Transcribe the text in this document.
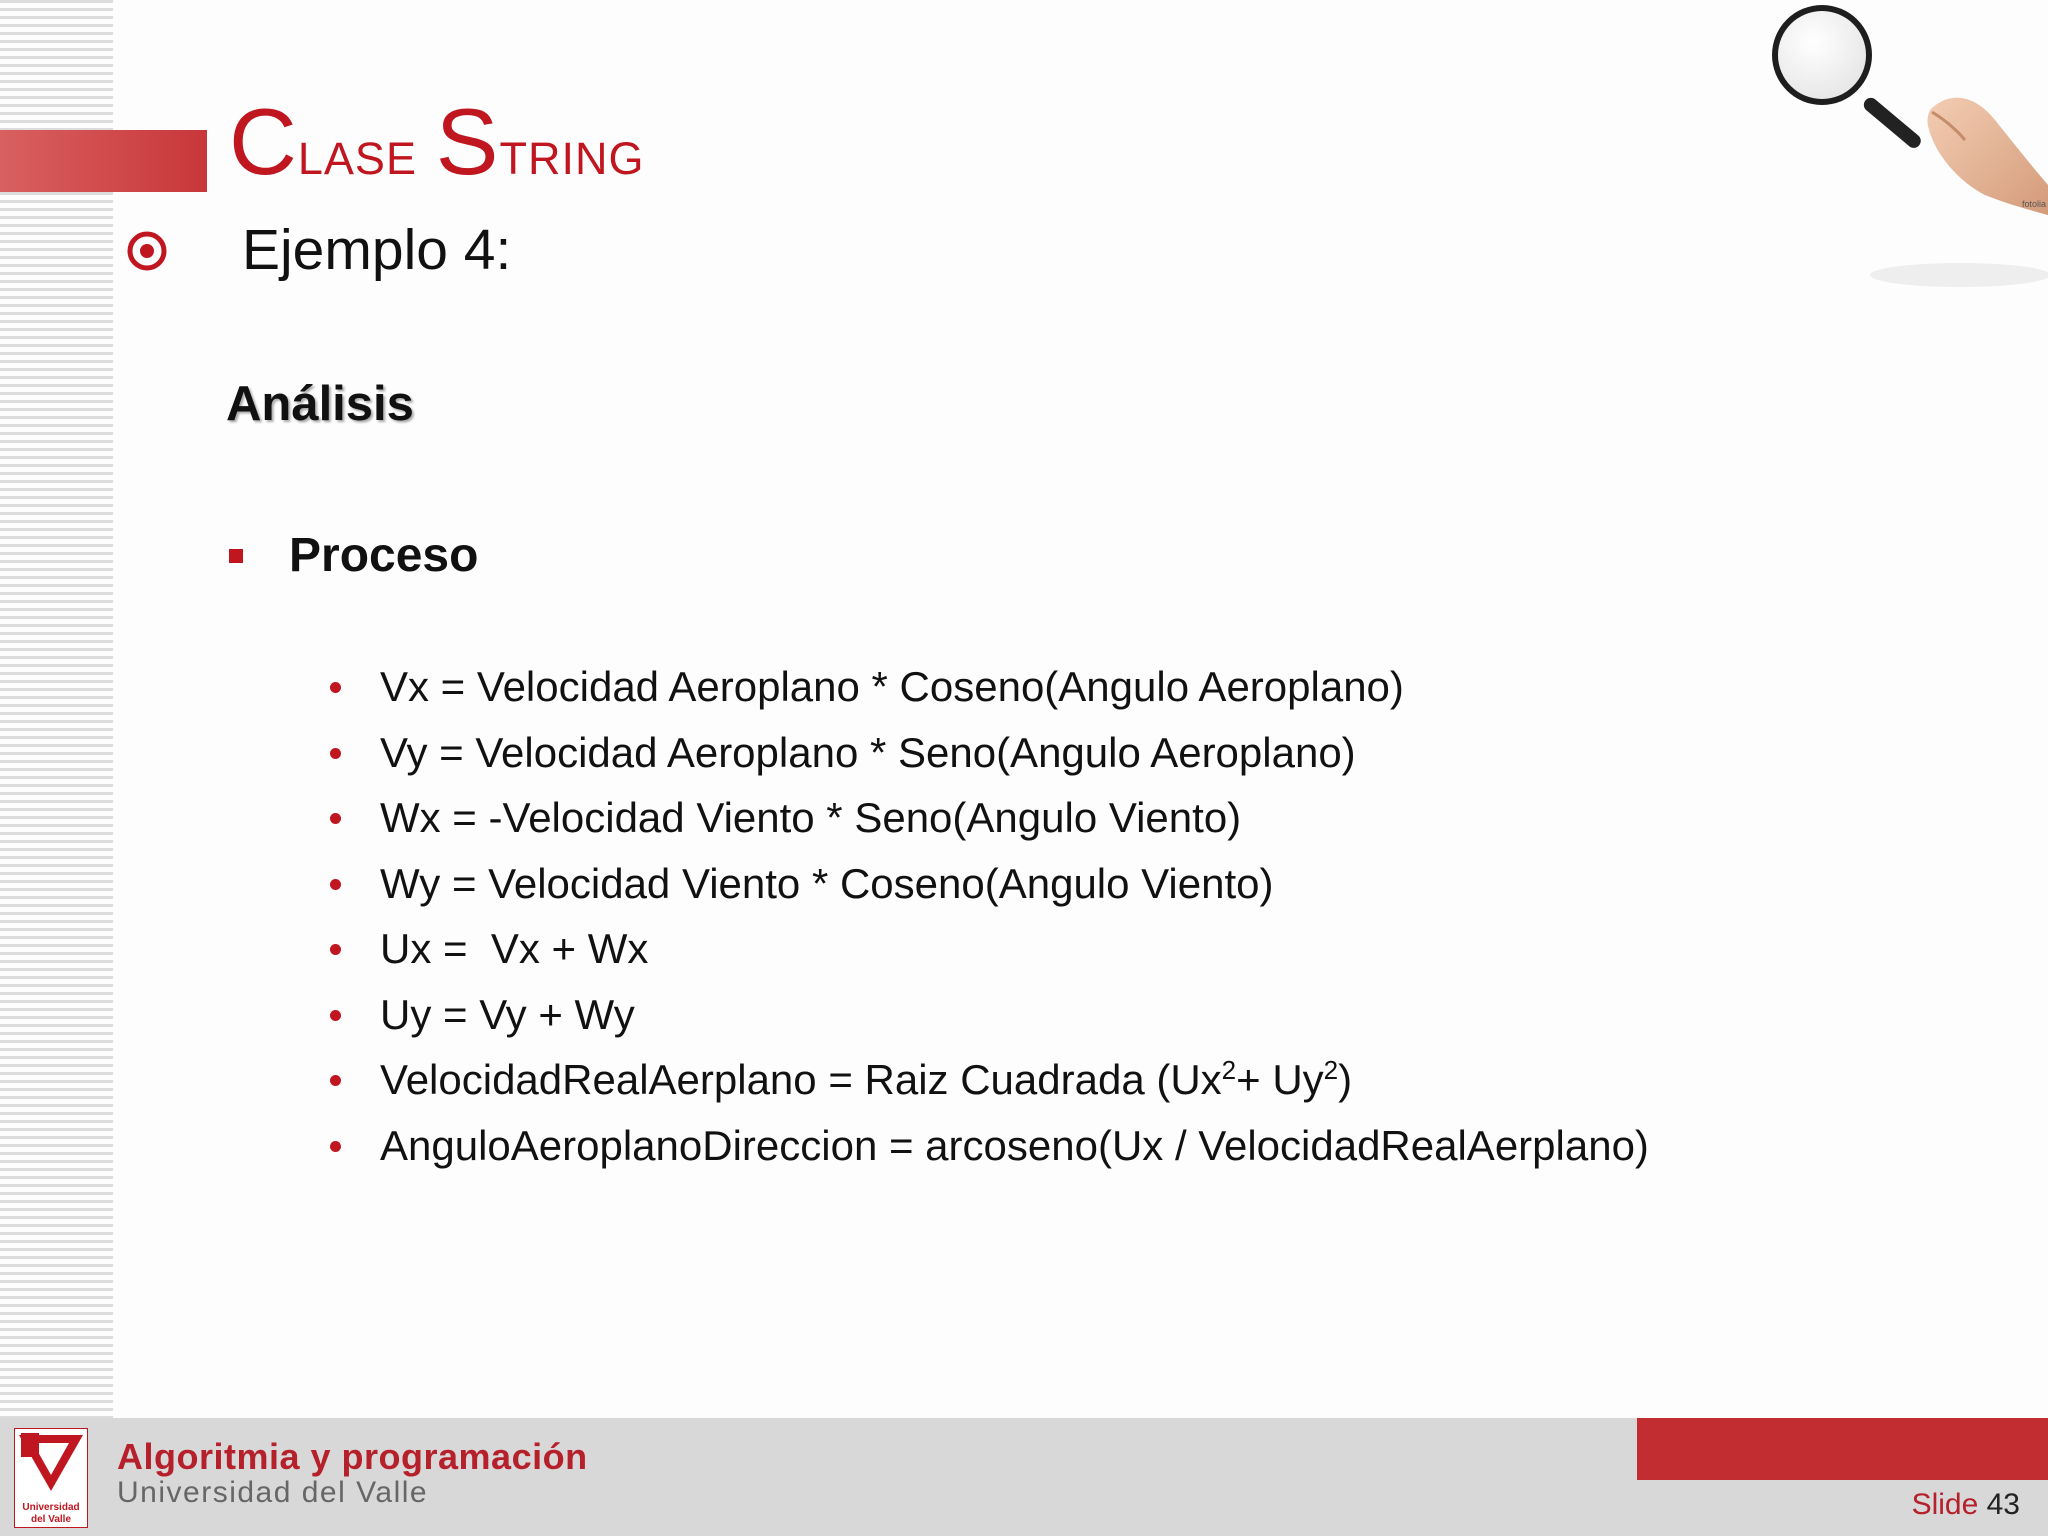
Clase String
Ejemplo 4:
Análisis
Proceso
Vx = Velocidad Aeroplano * Coseno(Angulo Aeroplano)
Vy = Velocidad Aeroplano * Seno(Angulo Aeroplano)
Wx = -Velocidad Viento * Seno(Angulo Viento)
Wy = Velocidad Viento * Coseno(Angulo Viento)
Ux =  Vx + Wx
Uy = Vy + Wy
VelocidadRealAerplano = Raiz Cuadrada $(Ux^2+ Uy^2)$
AnguloAeroplanoDireccion = arcoseno(Ux / VelocidadRealAerplano)
fotolia
Universidad
del Valle
Algoritmia y programación
Universidad del Valle	Slide 43
